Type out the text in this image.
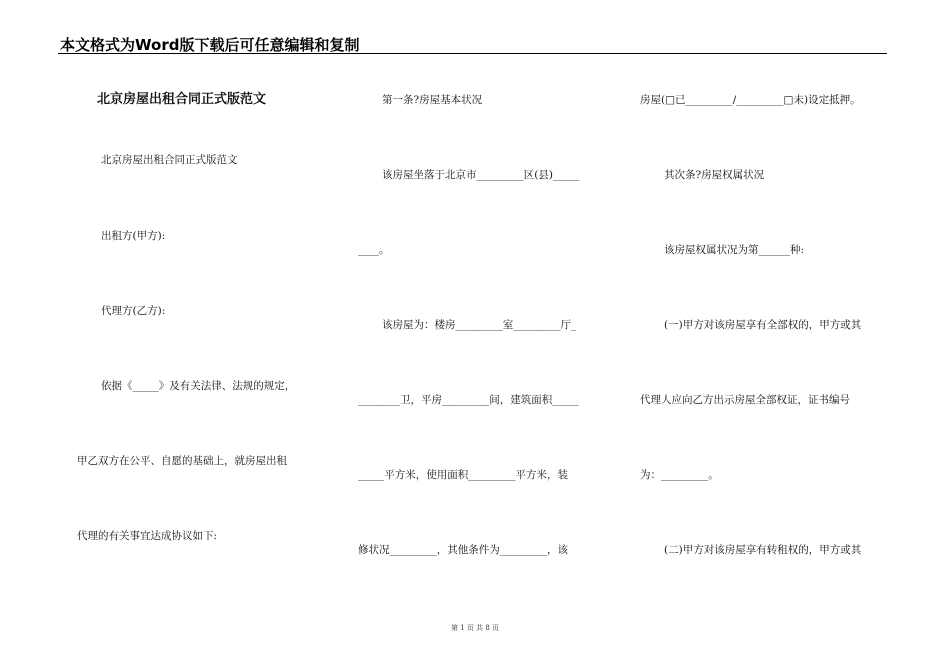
本文格式为Word版下载后可任意编辑和复制
北京房屋出租合同正式版范文
北京房屋出租合同正式版范文
出租方(甲方):
代理方(乙方):
依据《_____》及有关法律、法规的规定，
甲乙双方在公平、自愿的基础上，就房屋出租
代理的有关事宜达成协议如下:
第一条?房屋基本状况
该房屋坐落于北京市_________区(县)_____
____。
该房屋为：楼房_________室_________厅_
________卫，平房_________间，建筑面积_____
_____平方米，使用面积_________平方米，装
修状况_________，其他条件为_________，该
房屋(□已_________/_________□未)设定抵押。
其次条?房屋权属状况
该房屋权属状况为第______种:
(一)甲方对该房屋享有全部权的，甲方或其
代理人应向乙方出示房屋全部权证，证书编号
为：_________。
(二)甲方对该房屋享有转租权的，甲方或其
第 1 页 共 8 页
